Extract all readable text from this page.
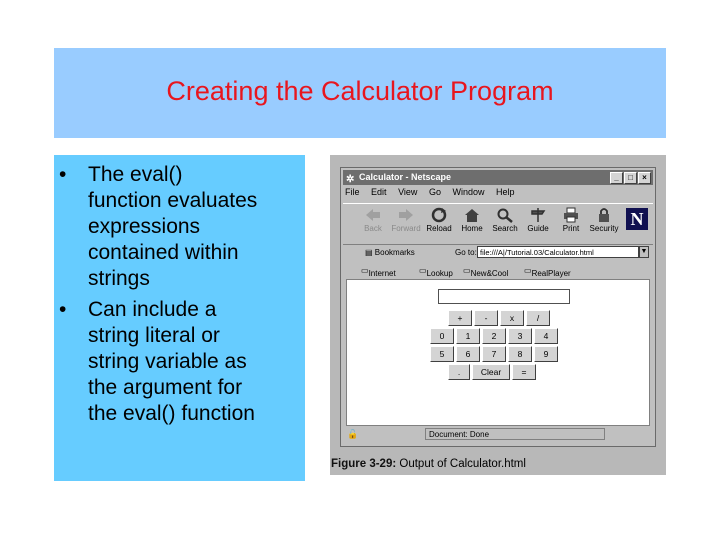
Creating the Calculator Program
• The eval()
function evaluates
expressions
contained within
strings
• Can include a
string literal or
string variable as
the argument for
the eval() function
✲ Calculator - Netscape	_	□	×
File Edit View Go Window Help
Back	Forward Reload	Home	Search	Guide	Print	Security N
▤ Bookmarks	Go to: file:///A|/Tutorial.03/Calculator.html	▼
▭ Internet	▭ Lookup ▭ New&Cool ▭ RealPlayer
+	-	x	/
0	1	2	3	4
5	6	7	8	9
.	Clear	=
🔓	Document: Done
Figure 3-29: Output of Calculator.html
